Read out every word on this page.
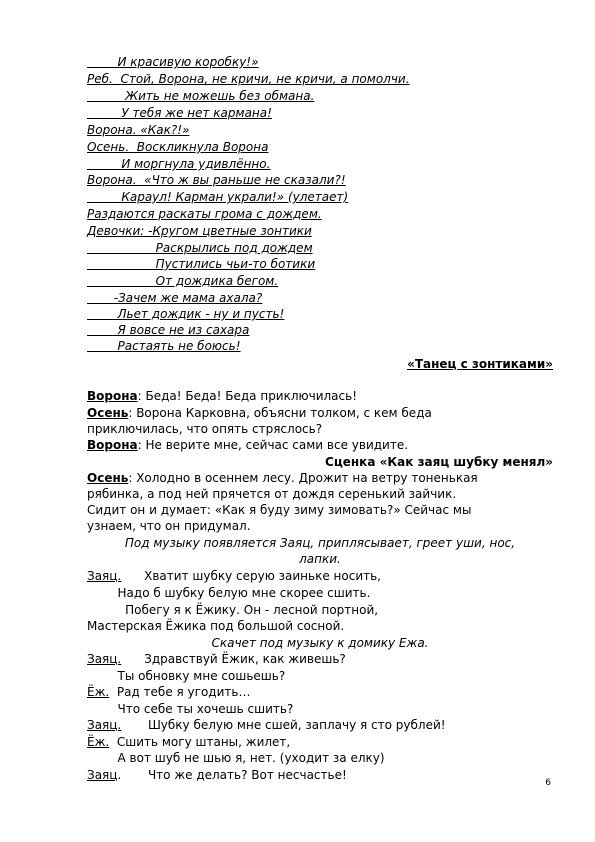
И красивую коробку!»
Реб.  Стой, Ворона, не кричи, не кричи, а помолчи.
Жить не можешь без обмана.
У тебя же нет кармана!
Ворона. «Как?!»
Осень.  Воскликнула Ворона
И моргнула удивлённо.
Ворона.  «Что ж вы раньше не сказали?!
Караул! Карман украли!» (улетает)
Раздаются раскаты грома с дождем.
Девочки: -Кругом цветные зонтики
Раскрылись под дождем
Пустились чьи-то ботики
От дождика бегом.
-Зачем же мама ахала?
Льет дождик - ну и пусть!
Я вовсе не из сахара
Растаять не боюсь!
«Танец с зонтиками»
Ворона: Беда! Беда! Беда приключилась!
Осень: Ворона Карковна, объясни толком, с кем беда
приключилась, что опять стряслось?
Ворона: Не верите мне, сейчас сами все увидите.
Сценка «Как заяц шубку менял»
Осень: Холодно в осеннем лесу. Дрожит на ветру тоненькая
рябинка, а под ней прячется от дождя серенький зайчик.
Сидит он и думает: «Как я буду зиму зимовать?» Сейчас мы
узнаем, что он придумал.
Под музыку появляется Заяц, приплясывает, греет уши, нос,
лапки.
Заяц.      Хватит шубку серую заиньке носить,
Надо б шубку белую мне скорее сшить.
Побегу я к Ёжику. Он - лесной портной,
Мастерская Ёжика под большой сосной.
Скачет под музыку к домику Ежа.
Заяц.      Здравствуй Ёжик, как живешь?
Ты обновку мне сошьешь?
Ёж.  Рад тебе я угодить…
Что себе ты хочешь сшить?
Заяц.       Шубку белую мне сшей, заплачу я сто рублей!
Ёж.  Сшить могу штаны, жилет,
А вот шуб не шью я, нет. (уходит за елку)
Заяц.       Что же делать? Вот несчастье!
6
